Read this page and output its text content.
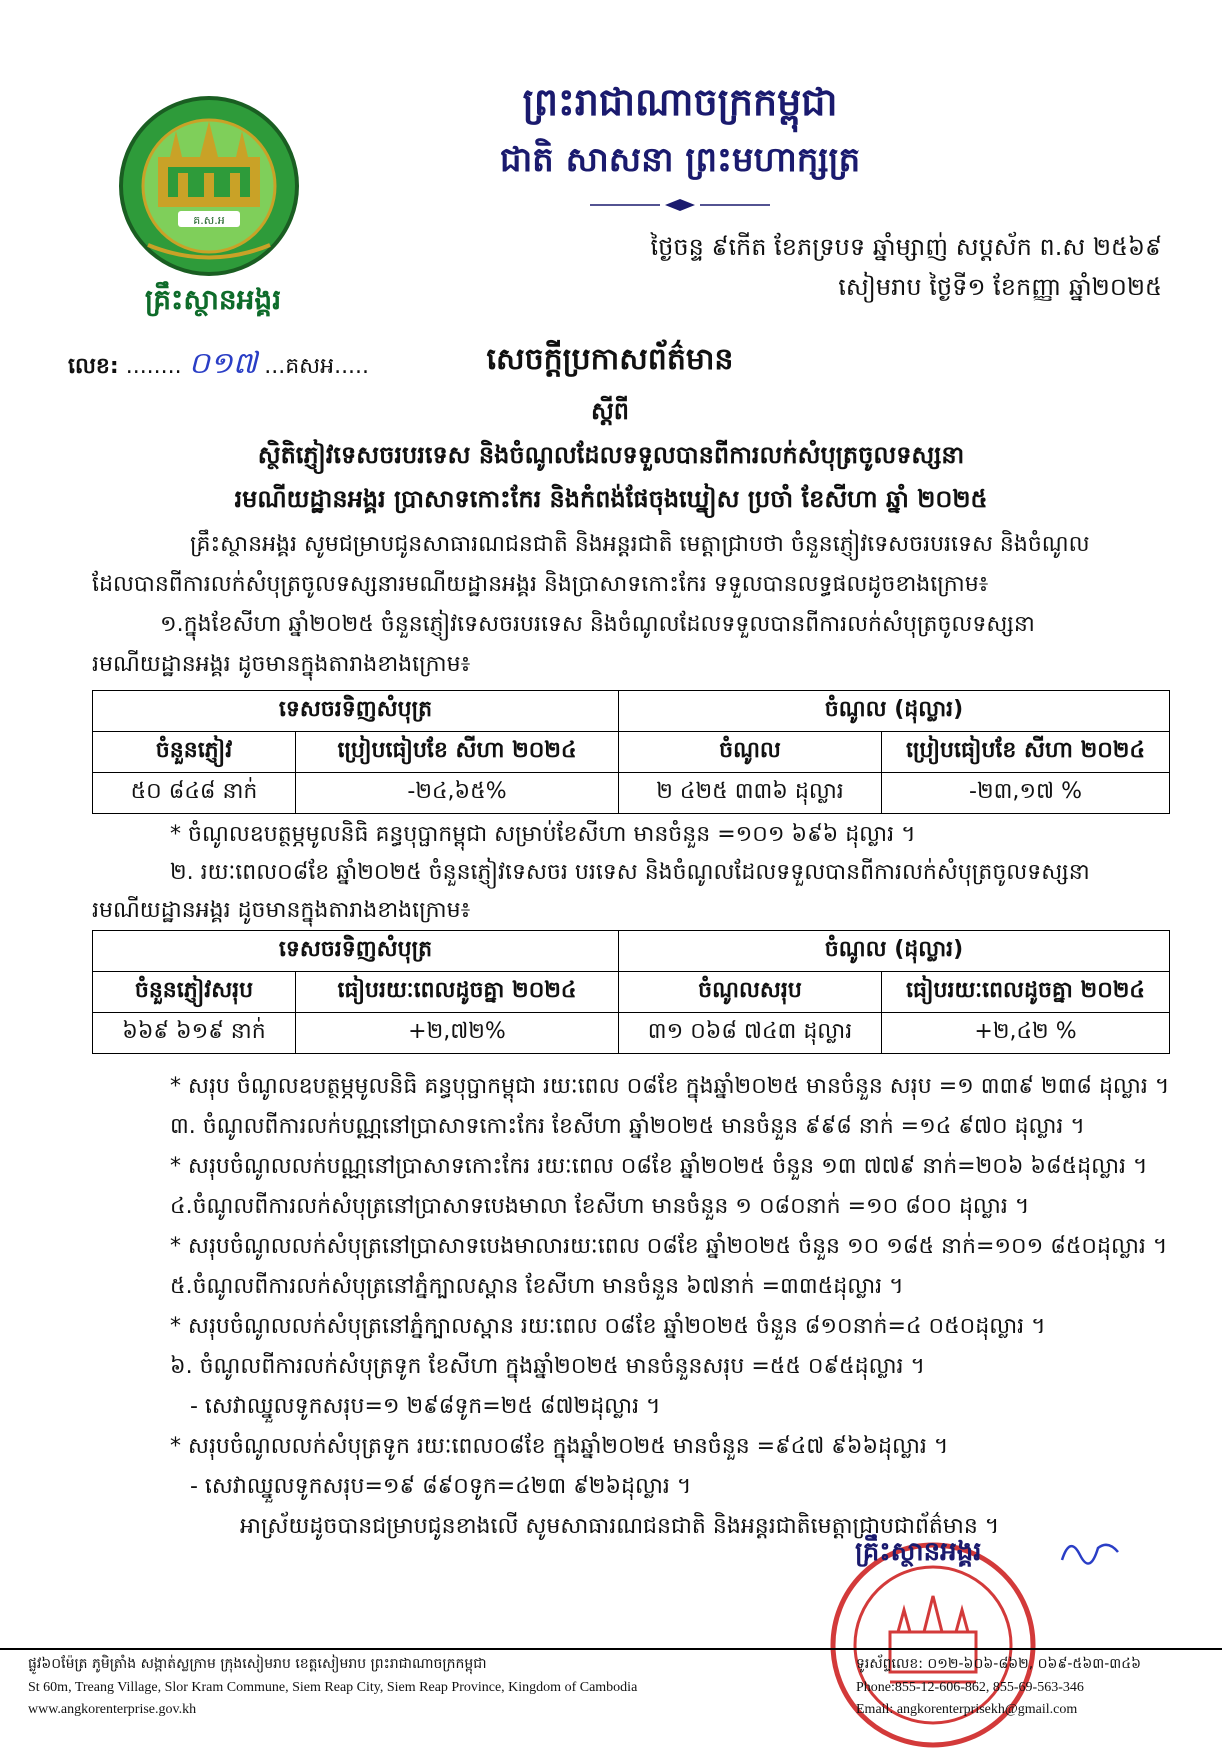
គ.ស.អ
គ្រឹះស្ថានអង្គរ
ព្រះរាជាណាចក្រកម្ពុជា
ជាតិ សាសនា ព្រះមហាក្សត្រ
ថ្ងៃចន្ទ ៩កើត ខែភទ្របទ ឆ្នាំម្សាញ់ សប្តស័ក ព.ស ២៥៦៩
សៀមរាប ថ្ងៃទី១ ខែកញ្ញា ឆ្នាំ២០២៥
លេខ: ........ ០១៧ ...គសអ.....	សេចក្តីប្រកាសព័ត៌មាន
ស្តីពី
ស្ថិតិភ្ញៀវទេសចរបរទេស និងចំណូលដែលទទួលបានពីការលក់សំបុត្រចូលទស្សនា
រមណីយដ្ឋានអង្គរ ប្រាសាទកោះកែរ និងកំពង់ផែចុងឃ្នៀស ប្រចាំ ខែសីហា ឆ្នាំ ២០២៥
គ្រឹះស្ថានអង្គរ សូមជម្រាបជូនសាធារណជនជាតិ និងអន្តរជាតិ មេត្តាជ្រាបថា ចំនួនភ្ញៀវទេសចរបរទេស និងចំណូល
ដែលបានពីការលក់សំបុត្រចូលទស្សនារមណីយដ្ឋានអង្គរ និងប្រាសាទកោះកែរ ទទួលបានលទ្ធផលដូចខាងក្រោម៖
១.ក្នុងខែសីហា ឆ្នាំ២០២៥ ចំនួនភ្ញៀវទេសចរបរទេស និងចំណូលដែលទទួលបានពីការលក់សំបុត្រចូលទស្សនា
រមណីយដ្ឋានអង្គរ ដូចមានក្នុងតារាងខាងក្រោម៖
ទេសចរទិញសំបុត្រ		ចំណូល (ដុល្លារ)	
ចំនួនភ្ញៀវ	ប្រៀបធៀបខែ សីហា ២០២៤	ចំណូល	ប្រៀបធៀបខែ សីហា ២០២៤
៥០ ៨៤៨ នាក់	-២៤,៦៥%	២ ៤២៥ ៣៣៦ ដុល្លារ	-២៣,១៧ %
* ចំណូលឧបត្ថម្ភមូលនិធិ គន្ធបុប្ផាកម្ពុជា សម្រាប់ខែសីហា មានចំនួន =១០១ ៦៩៦ ដុល្លារ ។
២. រយៈពេល០៨ខែ ឆ្នាំ២០២៥ ចំនួនភ្ញៀវទេសចរ បរទេស និងចំណូលដែលទទួលបានពីការលក់សំបុត្រចូលទស្សនា
រមណីយដ្ឋានអង្គរ ដូចមានក្នុងតារាងខាងក្រោម៖
ទេសចរទិញសំបុត្រ		ចំណូល (ដុល្លារ)	
ចំនួនភ្ញៀវសរុប	ធៀបរយៈពេលដូចគ្នា ២០២៤	ចំណូលសរុប	ធៀបរយៈពេលដូចគ្នា ២០២៤
៦៦៩ ៦១៩ នាក់	+២,៧២%	៣១ ០៦៨ ៧៤៣ ដុល្លារ	+២,៤២ %
* សរុប ចំណូលឧបត្ថម្ភមូលនិធិ គន្ធបុប្ផាកម្ពុជា រយៈពេល ០៨ខែ ក្នុងឆ្នាំ២០២៥ មានចំនួន សរុប =១ ៣៣៩ ២៣៨ ដុល្លារ ។
៣. ចំណូលពីការលក់បណ្ណនៅប្រាសាទកោះកែរ ខែសីហា ឆ្នាំ២០២៥ មានចំនួន ៩៩៨ នាក់ =១៤ ៩៧០ ដុល្លារ ។
* សរុបចំណូលលក់បណ្ណនៅប្រាសាទកោះកែរ រយៈពេល ០៨ខែ ឆ្នាំ២០២៥ ចំនួន ១៣ ៧៧៩ នាក់=២០៦ ៦៨៥ដុល្លារ ។
៤.ចំណូលពីការលក់សំបុត្រនៅប្រាសាទបេងមាលា ខែសីហា មានចំនួន ១ ០៨០នាក់ =១០ ៨០០ ដុល្លារ ។
* សរុបចំណូលលក់សំបុត្រនៅប្រាសាទបេងមាលារយៈពេល ០៨ខែ ឆ្នាំ២០២៥ ចំនួន ១០ ១៨៥ នាក់=១០១ ៨៥០ដុល្លារ ។
៥.ចំណូលពីការលក់សំបុត្រនៅភ្នំក្បាលស្ពាន ខែសីហា មានចំនួន ៦៧នាក់ =៣៣៥ដុល្លារ ។
* សរុបចំណូលលក់សំបុត្រនៅភ្នំក្បាលស្ពាន រយៈពេល ០៨ខែ ឆ្នាំ២០២៥ ចំនួន ៨១០នាក់=៤ ០៥០ដុល្លារ ។
៦. ចំណូលពីការលក់សំបុត្រទូក ខែសីហា ក្នុងឆ្នាំ២០២៥ មានចំនួនសរុប =៥៥ ០៩៥ដុល្លារ ។
- សេវាឈ្នួលទូកសរុប=១ ២៩៨ទូក=២៥ ៨៧២ដុល្លារ ។
* សរុបចំណូលលក់សំបុត្រទូក រយៈពេល០៨ខែ ក្នុងឆ្នាំ២០២៥ មានចំនួន =៩៤៧ ៩៦៦ដុល្លារ ។
- សេវាឈ្នួលទូកសរុប=១៩ ៨៩០ទូក=៤២៣ ៩២៦ដុល្លារ ។
អាស្រ័យដូចបានជម្រាបជូនខាងលើ សូមសាធារណជនជាតិ និងអន្តរជាតិមេត្តាជ្រាបជាព័ត៌មាន ។
គ្រឹះស្ថានអង្គរ
ផ្លូវ៦០ម៉ែត្រ ភូមិត្រាំង សង្កាត់ស្លក្រាម ក្រុងសៀមរាប ខេត្តសៀមរាប ព្រះរាជាណាចក្រកម្ពុជា
St 60m, Treang Village, Slor Kram Commune, Siem Reap City, Siem Reap Province, Kingdom of Cambodia
www.angkorenterprise.gov.kh
ទូរស័ព្ទលេខ: ០១២-៦០៦-៨៦២, ០៦៩-៥៦៣-៣៤៦
Phone:855-12-606-862, 855-69-563-346
Email: angkorenterprisekh@gmail.com
